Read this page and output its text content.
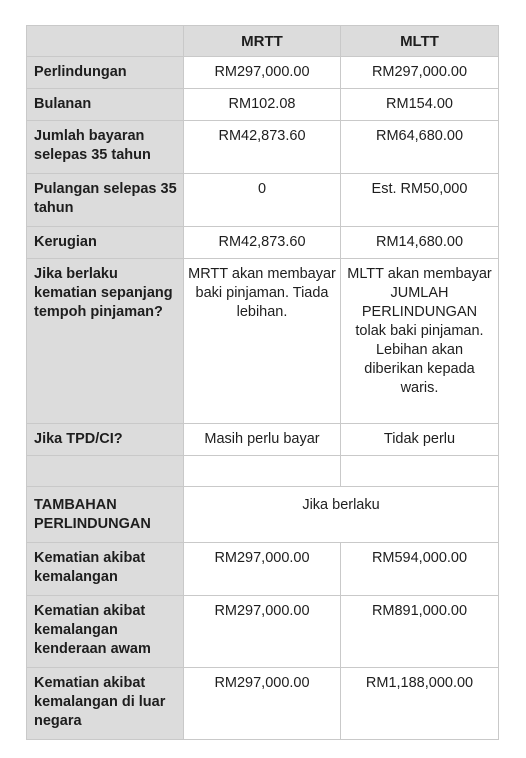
	MRTT	MLTT
Perlindungan	RM297,000.00	RM297,000.00
Bulanan	RM102.08	RM154.00
Jumlah bayaran selepas 35 tahun	RM42,873.60	RM64,680.00
Pulangan selepas 35 tahun	0	Est. RM50,000
Kerugian	RM42,873.60	RM14,680.00
Jika berlaku kematian sepanjang tempoh pinjaman?	MRTT akan membayar baki pinjaman. Tiada lebihan.	MLTT akan membayar JUMLAH PERLINDUNGAN tolak baki pinjaman. Lebihan akan diberikan kepada waris.
Jika TPD/CI?	Masih perlu bayar	Tidak perlu

TAMBAHAN PERLINDUNGAN	Jika berlaku	
Kematian akibat kemalangan	RM297,000.00	RM594,000.00
Kematian akibat kemalangan kenderaan awam	RM297,000.00	RM891,000.00
Kematian akibat kemalangan di luar negara	RM297,000.00	RM1,188,000.00
